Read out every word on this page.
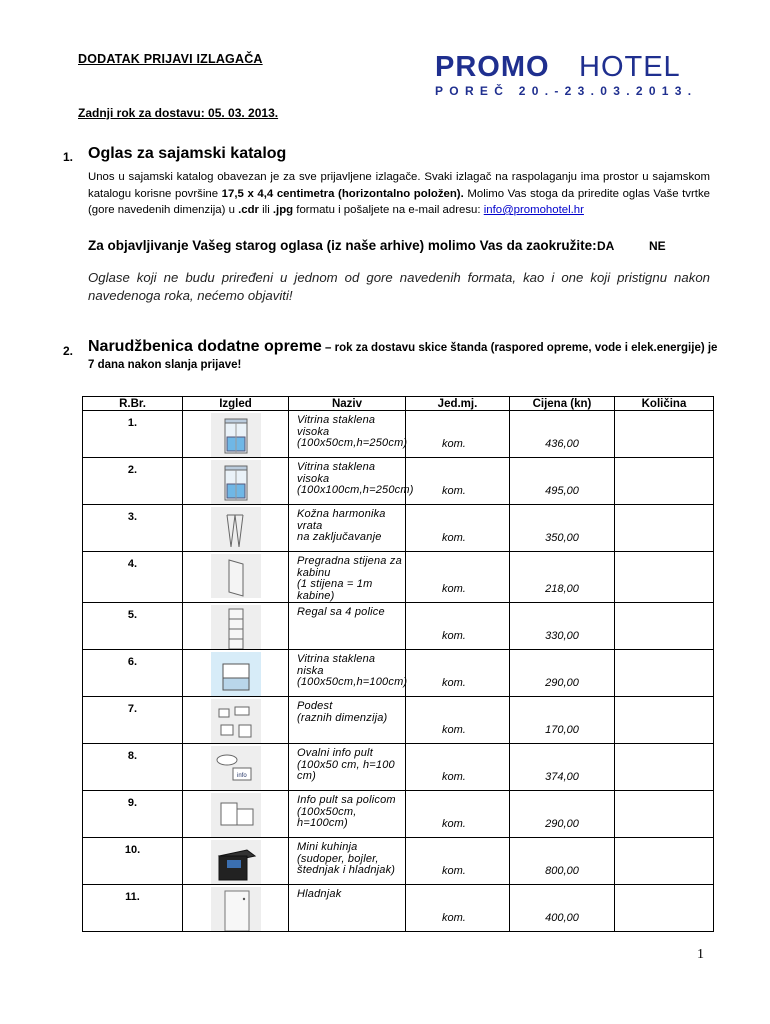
DODATAK PRIJAVI IZLAGAČA
Zadnji rok za dostavu: 05. 03. 2013.
PROMO HOTEL
POREČ 20.-23.03.2013.
1. Oglas za sajamski katalog
Unos u sajamski katalog obavezan je za sve prijavljene izlagače. Svaki izlagač na raspolaganju ima prostor u sajamskom katalogu korisne površine 17,5 x 4,4 centimetra (horizontalno položen). Molimo Vas stoga da priredite oglas Vaše tvrtke (gore navedenih dimenzija) u .cdr ili .jpg formatu i pošaljete na e-mail adresu: info@promohotel.hr
Za objavljivanje Vašeg starog oglasa (iz naše arhive) molimo Vas da zaokružite: DA	NE
Oglase koji ne budu priređeni u jednom od gore navedenih formata, kao i one koji pristignu nakon navedenoga roka, nećemo objaviti!
2. Narudžbenica dodatne opreme – rok za dostavu skice štanda (raspored opreme, vode i elek.energije) je 7 dana nakon slanja prijave!
R.Br.	Izgled	Naziv	Jed.mj.	Cijena (kn)	Količina
1.		Vitrina staklena
visoka
(100x50cm,h=250cm)	kom.	436,00	

2.		Vitrina staklena
visoka
(100x100cm,h=250cm)	kom.	495,00	

3.		Kožna harmonika vrata
na zaključavanje	kom.	350,00	

4.		Pregradna stijena za
kabinu
(1 stijena = 1m kabine)	kom.	218,00	

5.		Regal sa 4 police	kom.	330,00	

6.		Vitrina staklena
niska
(100x50cm,h=100cm)	kom.	290,00	

7.		Podest
(raznih dimenzija)	kom.	170,00	

8.	info	Ovalni info pult
(100x50 cm, h=100 cm)	kom.	374,00	

9.		Info pult sa policom
(100x50cm, h=100cm)	kom.	290,00	

10.		Mini kuhinja
(sudoper, bojler,
štednjak i hladnjak)	kom.	800,00	

11.		Hladnjak	kom.	400,00	

1
